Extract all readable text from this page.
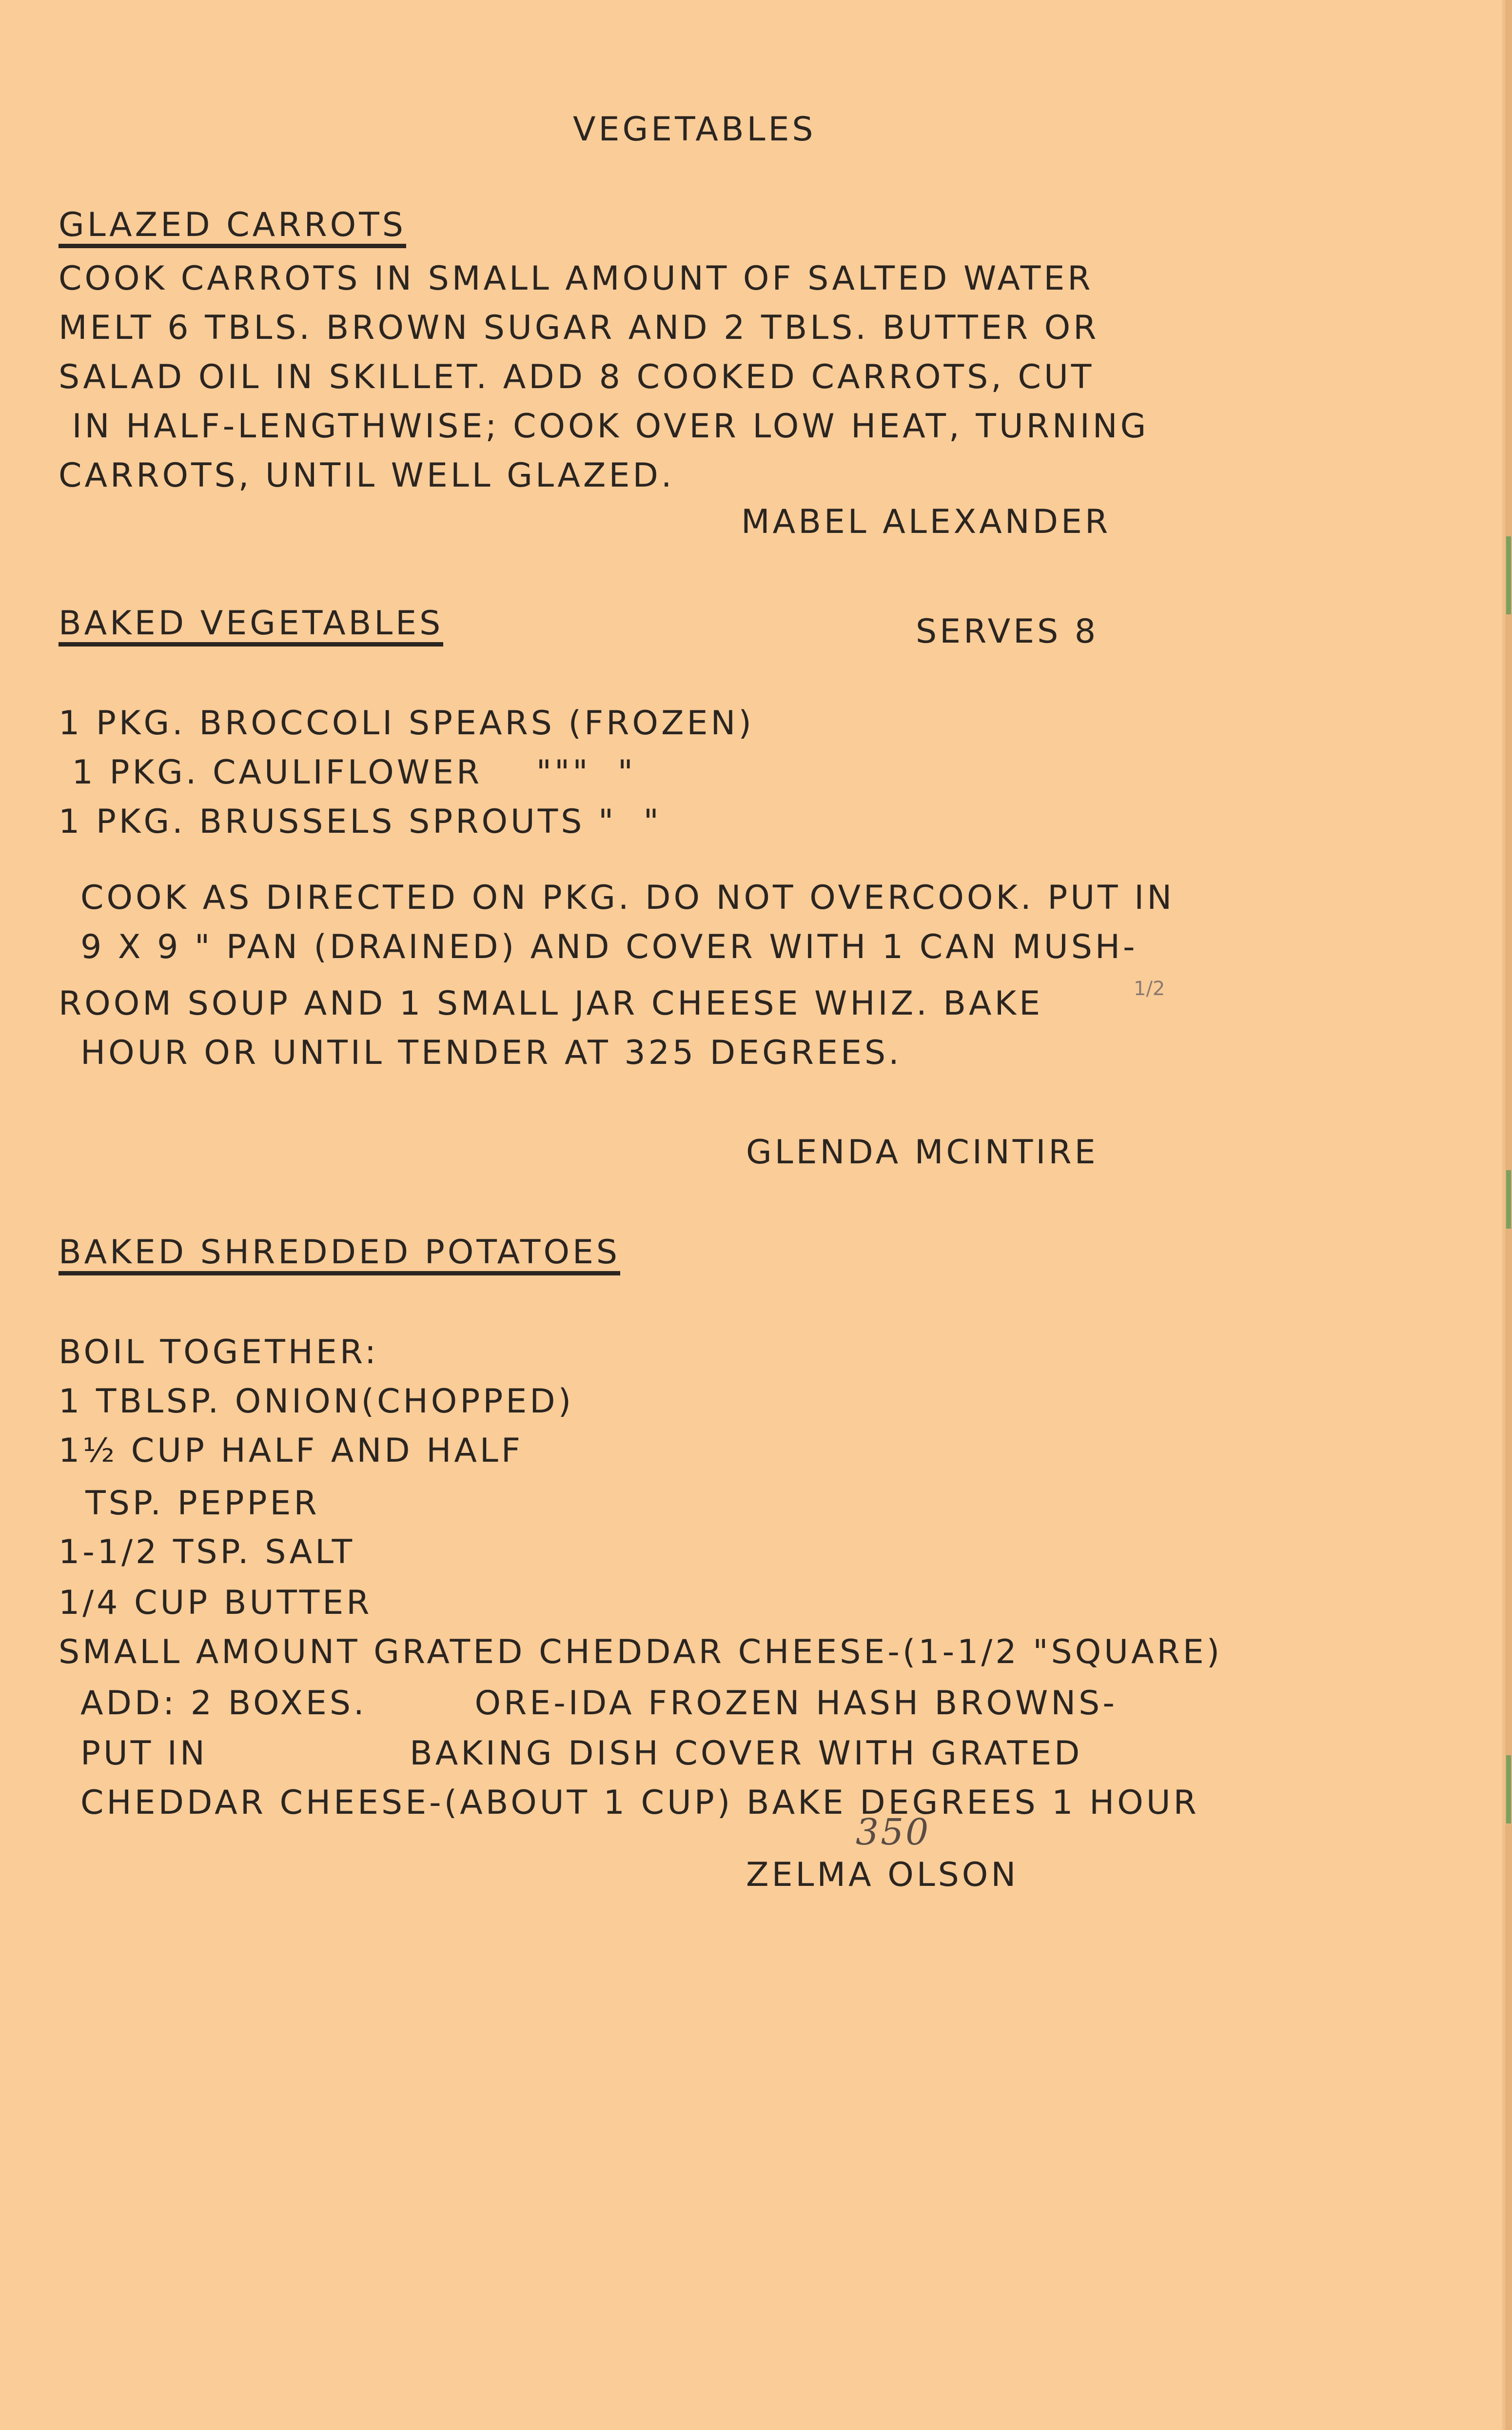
VEGETABLES
GLAZED CARROTS
COOK CARROTS IN SMALL AMOUNT OF SALTED WATER
MELT 6 TBLS. BROWN SUGAR AND 2 TBLS. BUTTER OR
SALAD OIL IN SKILLET. ADD 8 COOKED CARROTS, CUT
IN HALF-LENGTHWISE; COOK OVER LOW HEAT, TURNING
CARROTS, UNTIL WELL GLAZED.
MABEL ALEXANDER
BAKED VEGETABLES	SERVES 8
1 PKG. BROCCOLI SPEARS (FROZEN)
1 PKG. CAULIFLOWER    """  "
1 PKG. BRUSSELS SPROUTS "  "
COOK AS DIRECTED ON PKG. DO NOT OVERCOOK. PUT IN
9 X 9 " PAN (DRAINED) AND COVER WITH 1 CAN MUSH-
ROOM SOUP AND 1 SMALL JAR CHEESE WHIZ. BAKE	1/2
HOUR OR UNTIL TENDER AT 325 DEGREES.
GLENDA MCINTIRE
BAKED SHREDDED POTATOES
BOIL TOGETHER:
1 TBLSP. ONION(CHOPPED)
1½ CUP HALF AND HALF
TSP. PEPPER
1-1/2 TSP. SALT
1/4 CUP BUTTER
SMALL AMOUNT GRATED CHEDDAR CHEESE-(1-1/2 "SQUARE)
ADD: 2 BOXES.        ORE-IDA FROZEN HASH BROWNS-
PUT IN               BAKING DISH COVER WITH GRATED
CHEDDAR CHEESE-(ABOUT 1 CUP) BAKE DEGREES 1 HOUR
350
ZELMA OLSON
